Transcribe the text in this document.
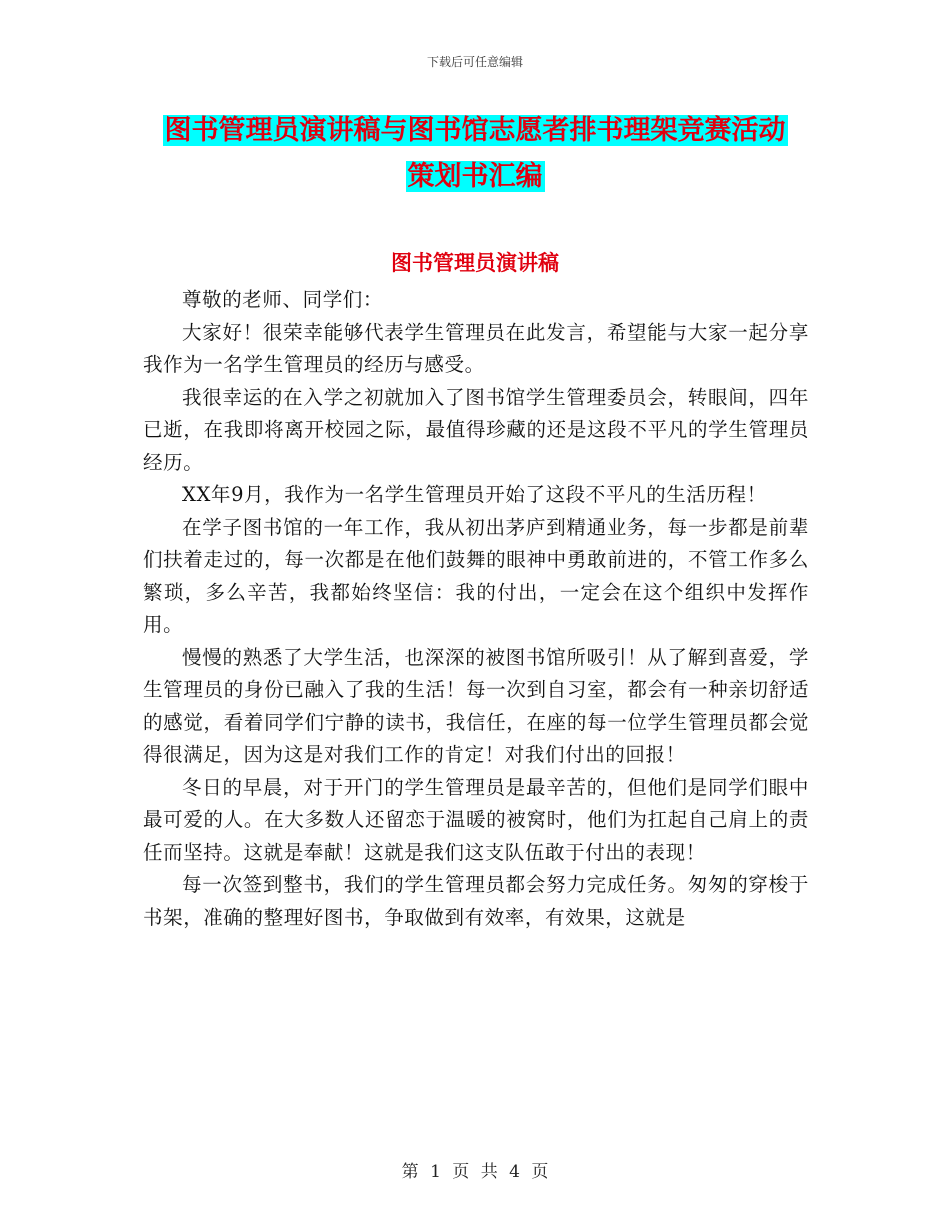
下载后可任意编辑
图书管理员演讲稿与图书馆志愿者排书理架竞赛活动
策划书汇编
图书管理员演讲稿

尊敬的老师、同学们：

大家好！很荣幸能够代表学生管理员在此发言，希望能与大家一起分享我作为一名学生管理员的经历与感受。

我很幸运的在入学之初就加入了图书馆学生管理委员会，转眼间，四年已逝，在我即将离开校园之际，最值得珍藏的还是这段不平凡的学生管理员经历。

XX年9月，我作为一名学生管理员开始了这段不平凡的生活历程！

在学子图书馆的一年工作，我从初出茅庐到精通业务，每一步都是前辈们扶着走过的，每一次都是在他们鼓舞的眼神中勇敢前进的，不管工作多么繁琐，多么辛苦，我都始终坚信：我的付出，一定会在这个组织中发挥作用。

慢慢的熟悉了大学生活，也深深的被图书馆所吸引！从了解到喜爱，学生管理员的身份已融入了我的生活！每一次到自习室，都会有一种亲切舒适的感觉，看着同学们宁静的读书，我信任，在座的每一位学生管理员都会觉得很满足，因为这是对我们工作的肯定！对我们付出的回报！

冬日的早晨，对于开门的学生管理员是最辛苦的，但他们是同学们眼中最可爱的人。在大多数人还留恋于温暖的被窝时，他们为扛起自己肩上的责任而坚持。这就是奉献！这就是我们这支队伍敢于付出的表现！

每一次签到整书，我们的学生管理员都会努力完成任务。匆匆的穿梭于书架，准确的整理好图书，争取做到有效率，有效果，这就是

第 1 页 共 4 页
